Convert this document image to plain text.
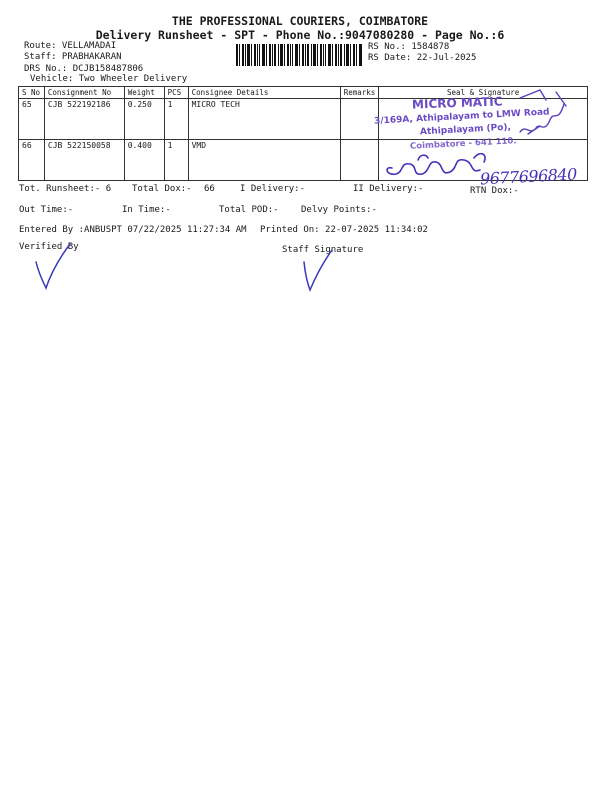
THE PROFESSIONAL COURIERS, COIMBATORE
Delivery Runsheet - SPT - Phone No.:9047080280 - Page No.:6
Route: VELLAMADAI
Staff: PRABHAKARAN
DRS No.: DCJB158487806
Vehicle: Two Wheeler Delivery
RS No.: 1584878
RS Date: 22-Jul-2025
S No	Consignment No	Weight	PCS	Consignee Details	Remarks	Seal & Signature
65	CJB 522192186	0.250	1	MICRO TECH		
66	CJB 522150058	0.400	1	VMD		
MICRO MATIC
3/169A, Athipalayam to LMW Road
Athipalayam (Po),
Coimbatore - 641 110.
9677696840
Tot. Runsheet:- 6 Total Dox:- 66	I Delivery:-	II Delivery:-	RTN Dox:-
Out Time:-	In Time:-	Total POD:- Delvy Points:-
Entered By :ANBUSPT 07/22/2025 11:27:34 AM Printed On: 22-07-2025 11:34:02
Verified By	Staff Signature
